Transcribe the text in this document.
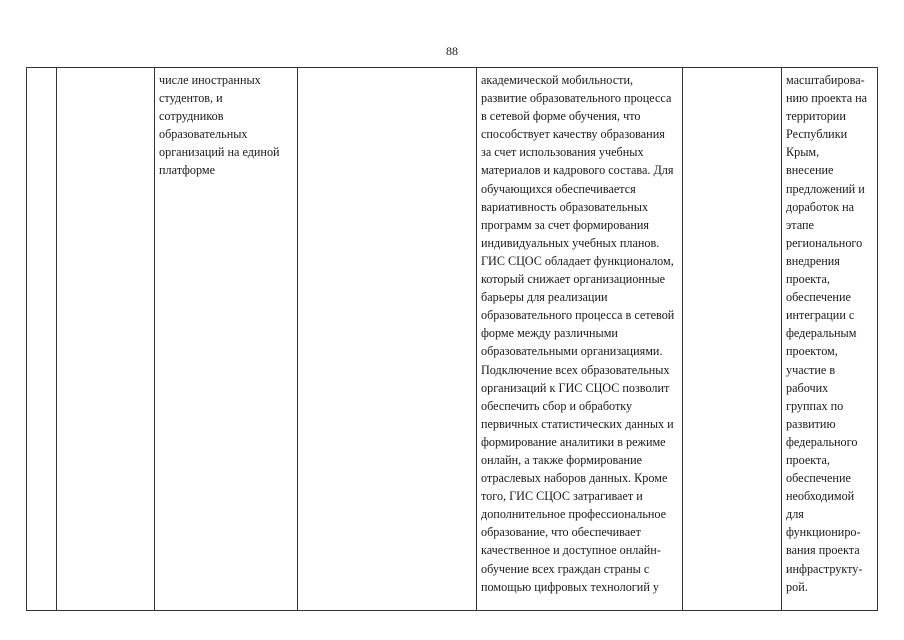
88
числе иностранных
студентов, и
сотрудников
образовательных
организаций на единой
платформе
академической мобильности,
развитие образовательного процесса
в сетевой форме обучения, что
способствует качеству образования
за счет использования учебных
материалов и кадрового состава. Для
обучающихся обеспечивается
вариативность образовательных
программ за счет формирования
индивидуальных учебных планов.
ГИС СЦОС обладает функционалом,
который снижает организационные
барьеры для реализации
образовательного процесса в сетевой
форме между различными
образовательными организациями.
Подключение всех образовательных
организаций к ГИС СЦОС позволит
обеспечить сбор и обработку
первичных статистических данных и
формирование аналитики в режиме
онлайн, а также формирование
отраслевых наборов данных. Кроме
того, ГИС СЦОС затрагивает и
дополнительное профессиональное
образование, что обеспечивает
качественное и доступное онлайн-
обучение всех граждан страны с
помощью цифровых технологий у
масштабирова-
нию проекта на
территории
Республики
Крым,
внесение
предложений и
доработок на
этапе
регионального
внедрения
проекта,
обеспечение
интеграции с
федеральным
проектом,
участие в
рабочих
группах по
развитию
федерального
проекта,
обеспечение
необходимой
для
функциониро-
вания проекта
инфраструкту-
рой.
